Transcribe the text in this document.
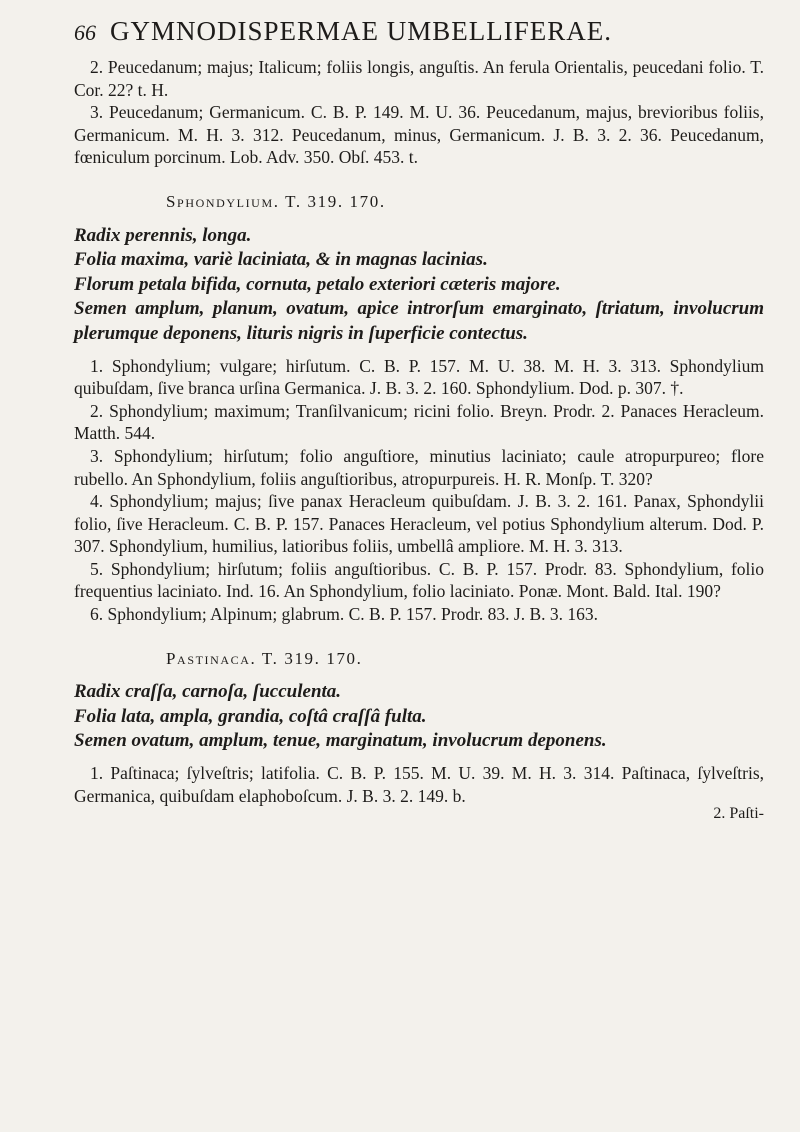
66 GYMNODISPERMAE UMBELLIFERAE.

2. Peucedanum; majus; Italicum; foliis longis, anguſtis. An ferula Orientalis, peucedani folio. T. Cor. 22? t. H.

3. Peucedanum; Germanicum. C. B. P. 149. M. U. 36. Peucedanum, majus, brevioribus foliis, Germanicum. M. H. 3. 312. Peucedanum, minus, Germanicum. J. B. 3. 2. 36. Peucedanum, fœniculum porcinum. Lob. Adv. 350. Obſ. 453. t.

Sphondylium. T. 319. 170.

Radix perennis, longa.

Folia maxima, variè laciniata, & in magnas lacinias.

Florum petala bifida, cornuta, petalo exteriori cæteris majore.

Semen amplum, planum, ovatum, apice introrſum emarginato, ſtriatum, involucrum plerumque deponens, lituris nigris in ſuperficie contectus.

1. Sphondylium; vulgare; hirſutum. C. B. P. 157. M. U. 38. M. H. 3. 313. Sphondylium quibuſdam, ſive branca urſina Germanica. J. B. 3. 2. 160. Sphondylium. Dod. p. 307. †.

2. Sphondylium; maximum; Tranſilvanicum; ricini folio. Breyn. Prodr. 2. Panaces Heracleum. Matth. 544.

3. Sphondylium; hirſutum; folio anguſtiore, minutius laciniato; caule atropurpureo; flore rubello. An Sphondylium, foliis anguſtioribus, atropurpureis. H. R. Monſp. T. 320?

4. Sphondylium; majus; ſive panax Heracleum quibuſdam. J. B. 3. 2. 161. Panax, Sphondylii folio, ſive Heracleum. C. B. P. 157. Panaces Heracleum, vel potius Sphondylium alterum. Dod. P. 307. Sphondylium, humilius, latioribus foliis, umbellâ ampliore. M. H. 3. 313.

5. Sphondylium; hirſutum; foliis anguſtioribus. C. B. P. 157. Prodr. 83. Sphondylium, folio frequentius laciniato. Ind. 16. An Sphondylium, folio laciniato. Ponæ. Mont. Bald. Ital. 190?

6. Sphondylium; Alpinum; glabrum. C. B. P. 157. Prodr. 83. J. B. 3. 163.

Pastinaca. T. 319. 170.

Radix craſſa, carnoſa, ſucculenta.

Folia lata, ampla, grandia, coſtâ craſſâ fulta.

Semen ovatum, amplum, tenue, marginatum, involucrum deponens.

1. Paſtinaca; ſylveſtris; latifolia. C. B. P. 155. M. U. 39. M. H. 3. 314. Paſtinaca, ſylveſtris, Germanica, quibuſdam elaphoboſcum. J. B. 3. 2. 149. b.

2. Paſti-
